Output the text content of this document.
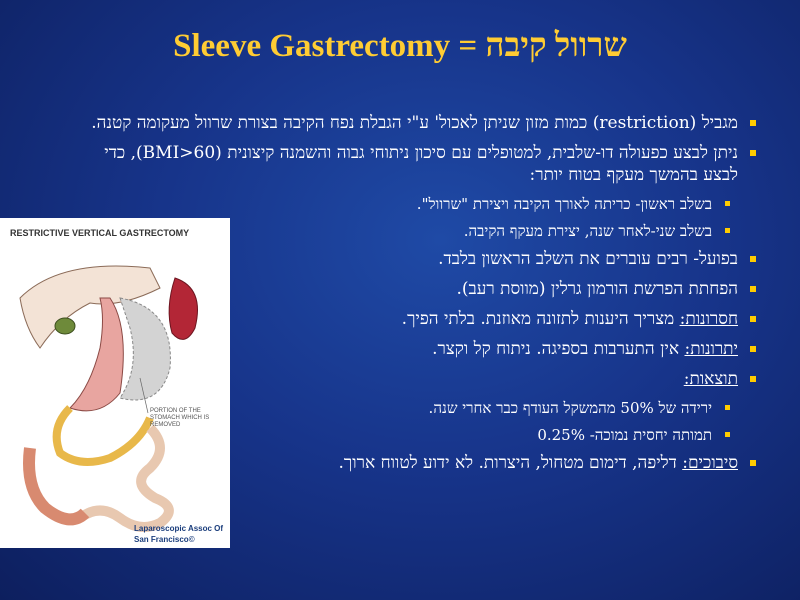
Sleeve Gastrectomy = שרוול קיבה
מגביל (restriction) כמות מזון שניתן לאכול' ע"י הגבלת נפח הקיבה בצורת שרוול מעקומה קטנה.
ניתן לבצע כפעולה דו-שלבית, למטופלים עם סיכון ניתוחי גבוה והשמנה קיצונית (BMI>60), כדי לבצע בהמשך מעקף בטוח יותר:
בשלב ראשון- כריתה לאורך הקיבה ויצירת "שרוול".
בשלב שני-לאחר שנה, יצירת מעקף הקיבה.
בפועל- רבים עוברים את השלב הראשון בלבד.
הפחתת הפרשת הורמון גרלין (מווסת רעב).
חסרונות: מצריך היענות לתזונה מאוזנת. בלתי הפיך.
יתרונות: אין התערבות בספיגה. ניתוח קל וקצר.
תוצאות:
ירידה של 50% מהמשקל העודף כבר אחרי שנה.
תמותה יחסית נמוכה- 0.25%
סיבוכים: דליפה, דימום מטחול, היצרות. לא ידוע לטווח ארוך.
RESTRICTIVE VERTICAL GASTRECTOMY
PORTION OF THE STOMACH WHICH IS REMOVED
Laparoscopic Assoc Of San Francisco©
